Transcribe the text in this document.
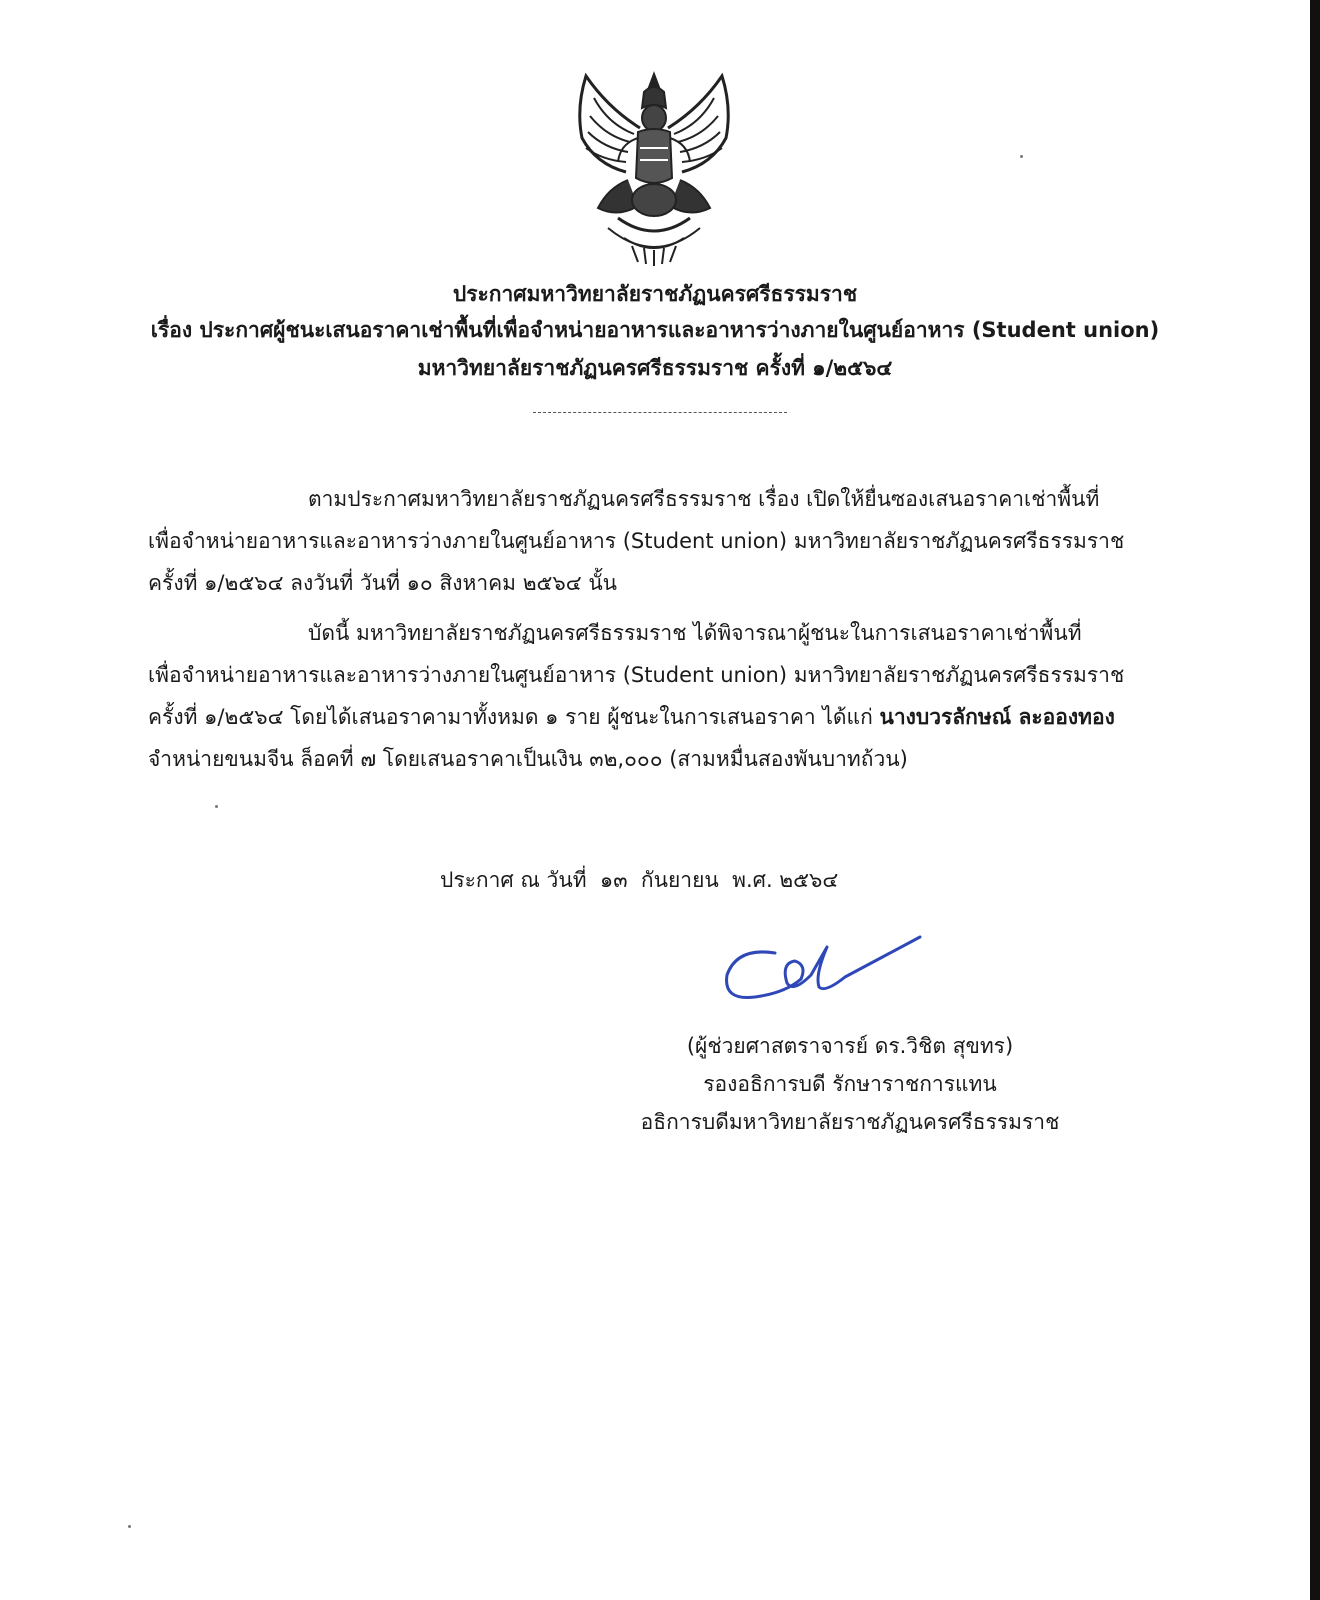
ประกาศมหาวิทยาลัยราชภัฏนครศรีธรรมราช
เรื่อง ประกาศผู้ชนะเสนอราคาเช่าพื้นที่เพื่อจำหน่ายอาหารและอาหารว่างภายในศูนย์อาหาร (Student union)
มหาวิทยาลัยราชภัฏนครศรีธรรมราช ครั้งที่ ๑/๒๕๖๔
ตามประกาศมหาวิทยาลัยราชภัฏนครศรีธรรมราช เรื่อง เปิดให้ยื่นซองเสนอราคาเช่าพื้นที่
เพื่อจำหน่ายอาหารและอาหารว่างภายในศูนย์อาหาร (Student union) มหาวิทยาลัยราชภัฏนครศรีธรรมราช
ครั้งที่ ๑/๒๕๖๔ ลงวันที่ วันที่ ๑๐ สิงหาคม ๒๕๖๔ นั้น
บัดนี้ มหาวิทยาลัยราชภัฏนครศรีธรรมราช ได้พิจารณาผู้ชนะในการเสนอราคาเช่าพื้นที่
เพื่อจำหน่ายอาหารและอาหารว่างภายในศูนย์อาหาร (Student union) มหาวิทยาลัยราชภัฏนครศรีธรรมราช
ครั้งที่ ๑/๒๕๖๔ โดยได้เสนอราคามาทั้งหมด ๑ ราย ผู้ชนะในการเสนอราคา ได้แก่ นางบวรลักษณ์ ละอองทอง
จำหน่ายขนมจีน ล็อคที่ ๗ โดยเสนอราคาเป็นเงิน ๓๒,๐๐๐ (สามหมื่นสองพันบาทถ้วน)
ประกาศ ณ วันที่  ๑๓  กันยายน  พ.ศ. ๒๕๖๔
(ผู้ช่วยศาสตราจารย์ ดร.วิชิต สุขทร)
รองอธิการบดี รักษาราชการแทน
อธิการบดีมหาวิทยาลัยราชภัฏนครศรีธรรมราช
